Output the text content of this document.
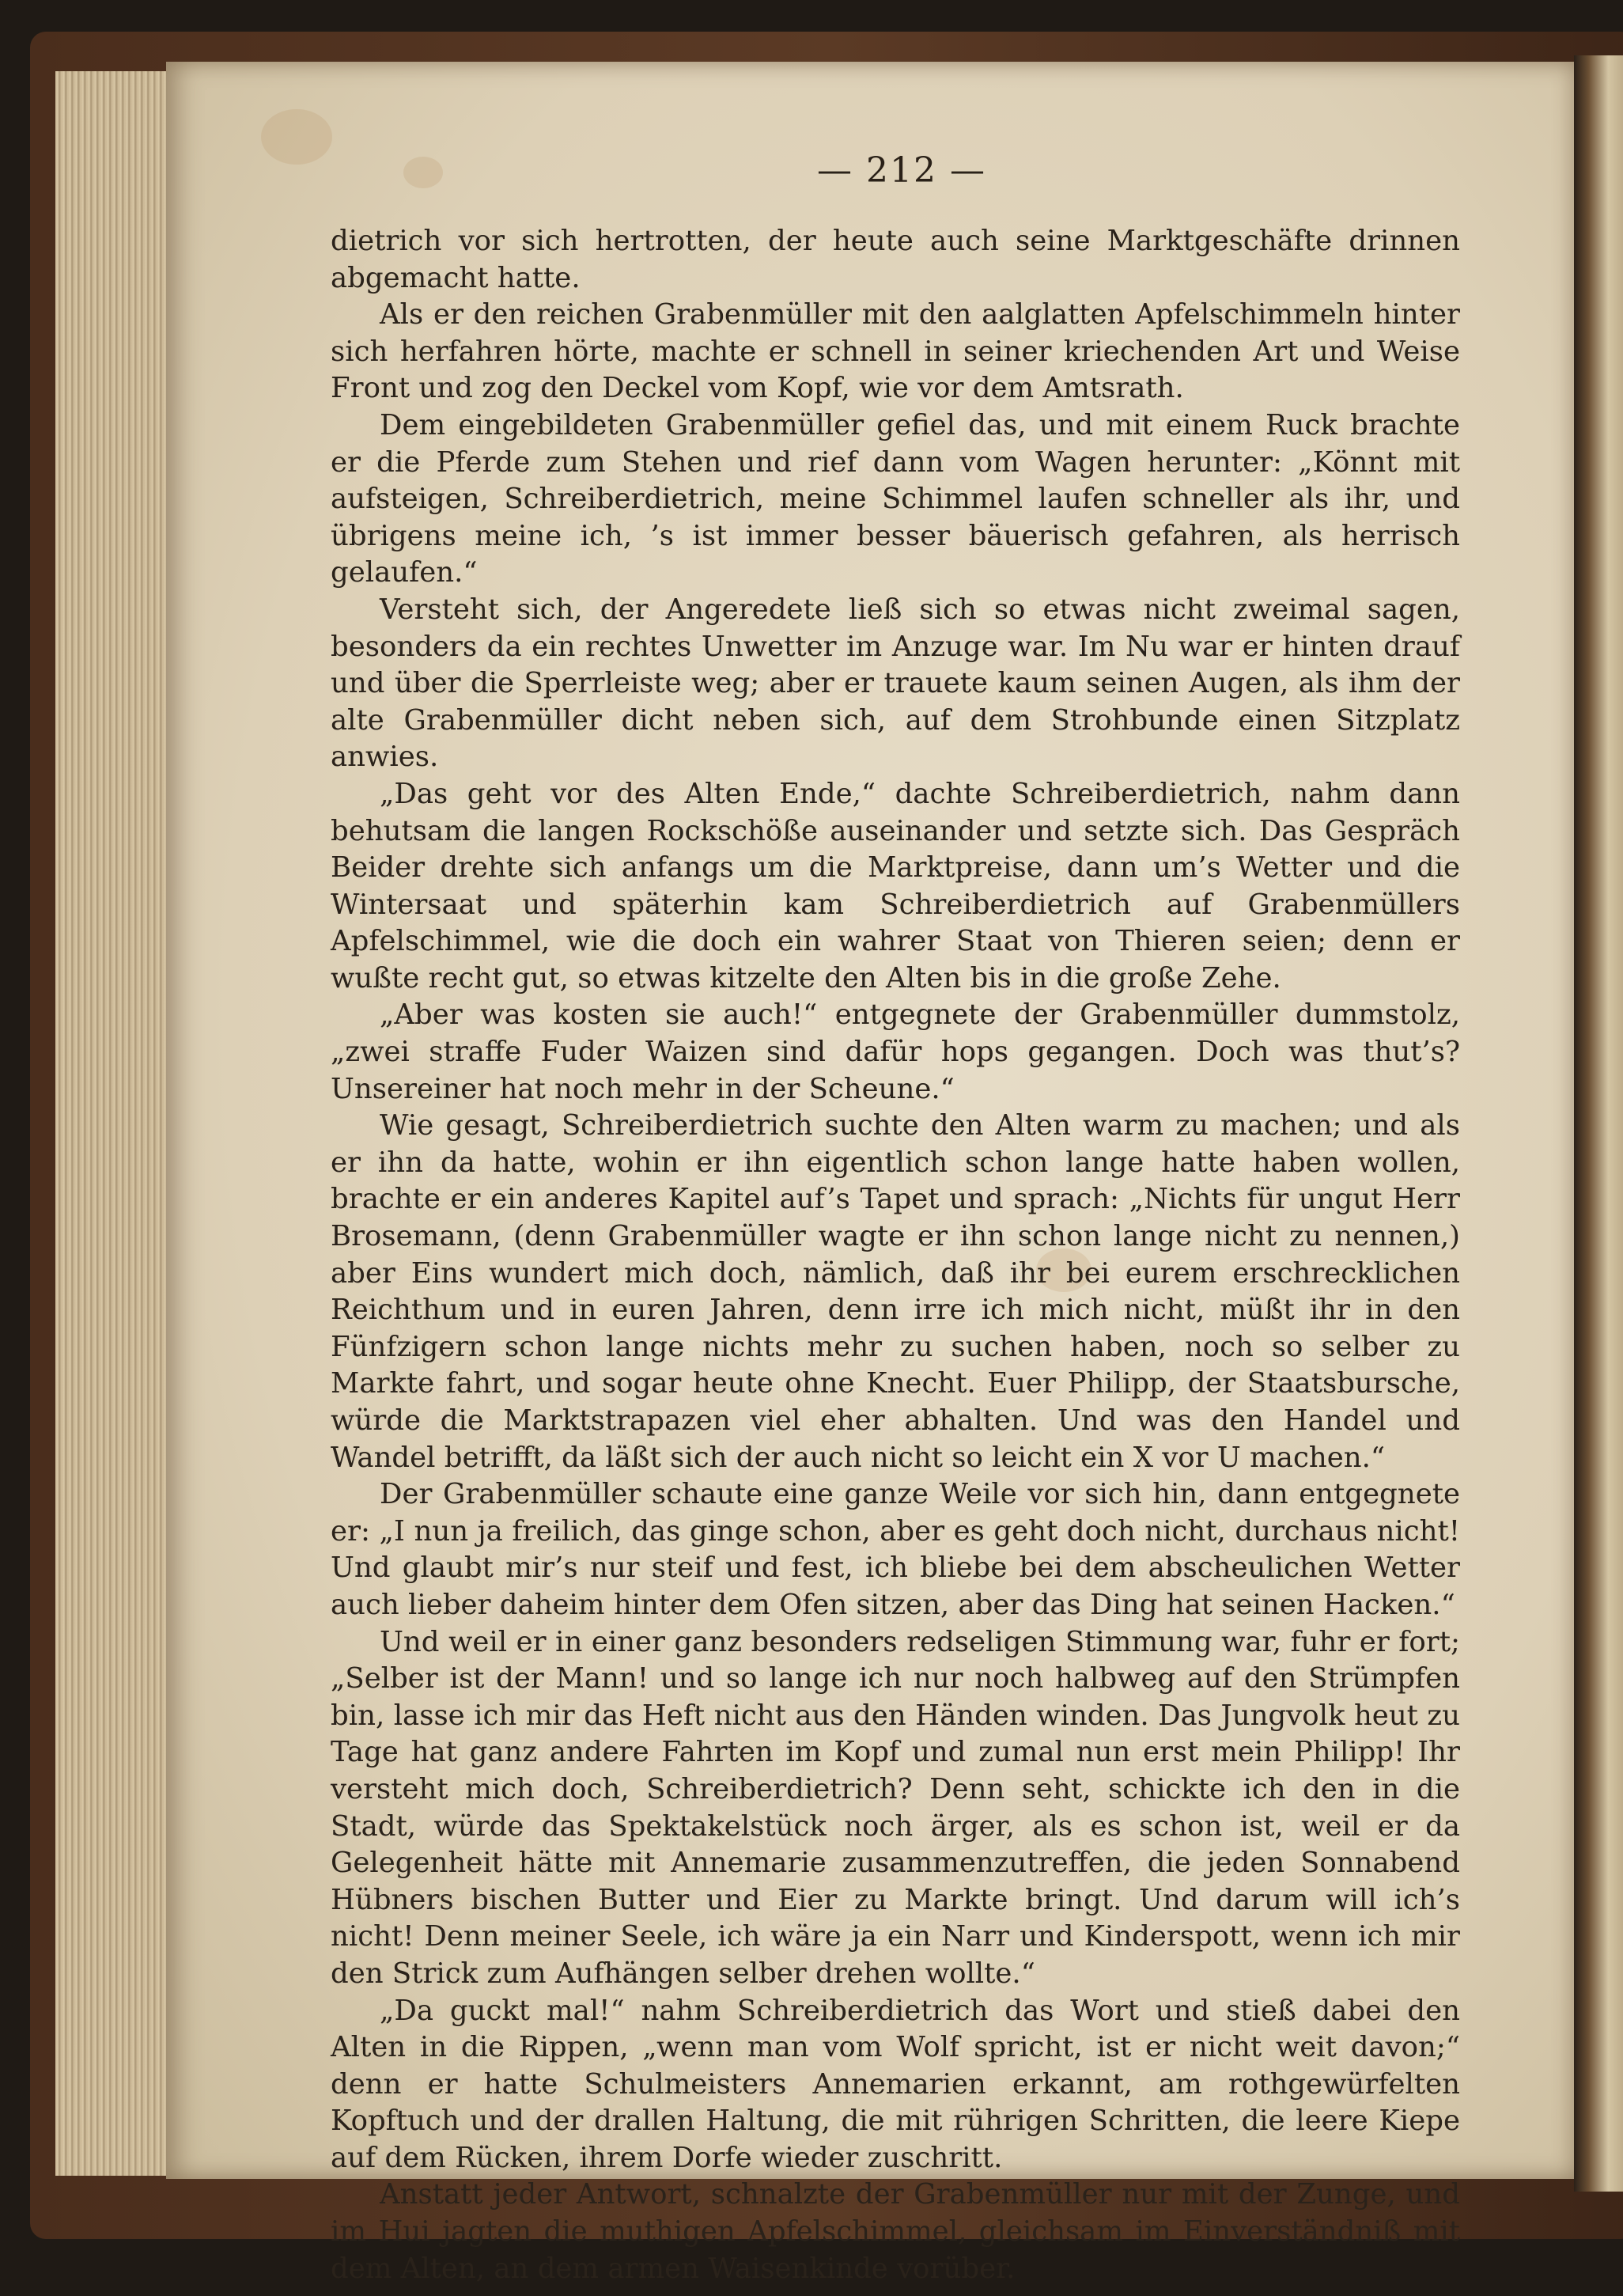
— 212 —

dietrich vor sich hertrotten, der heute auch seine Marktgeschäfte drinnen abgemacht hatte.

Als er den reichen Grabenmüller mit den aalglatten Apfelschimmeln hinter sich herfahren hörte, machte er schnell in seiner kriechenden Art und Weise Front und zog den Deckel vom Kopf, wie vor dem Amtsrath.

Dem eingebildeten Grabenmüller gefiel das, und mit einem Ruck brachte er die Pferde zum Stehen und rief dann vom Wagen herunter: „Könnt mit aufsteigen, Schreiberdietrich, meine Schimmel laufen schneller als ihr, und übrigens meine ich, ’s ist immer besser bäuerisch gefahren, als herrisch gelaufen.“

Versteht sich, der Angeredete ließ sich so etwas nicht zweimal sagen, besonders da ein rechtes Unwetter im Anzuge war. Im Nu war er hinten drauf und über die Sperrleiste weg; aber er trauete kaum seinen Augen, als ihm der alte Grabenmüller dicht neben sich, auf dem Strohbunde einen Sitzplatz anwies.

„Das geht vor des Alten Ende,“ dachte Schreiberdietrich, nahm dann behutsam die langen Rockschöße auseinander und setzte sich. Das Gespräch Beider drehte sich anfangs um die Marktpreise, dann um’s Wetter und die Wintersaat und späterhin kam Schreiberdietrich auf Grabenmüllers Apfelschimmel, wie die doch ein wahrer Staat von Thieren seien; denn er wußte recht gut, so etwas kitzelte den Alten bis in die große Zehe.

„Aber was kosten sie auch!“ entgegnete der Grabenmüller dummstolz, „zwei straffe Fuder Waizen sind dafür hops gegangen. Doch was thut’s? Unsereiner hat noch mehr in der Scheune.“

Wie gesagt, Schreiberdietrich suchte den Alten warm zu machen; und als er ihn da hatte, wohin er ihn eigentlich schon lange hatte haben wollen, brachte er ein anderes Kapitel auf’s Tapet und sprach: „Nichts für ungut Herr Brosemann, (denn Grabenmüller wagte er ihn schon lange nicht zu nennen,) aber Eins wundert mich doch, nämlich, daß ihr bei eurem erschrecklichen Reichthum und in euren Jahren, denn irre ich mich nicht, müßt ihr in den Fünfzigern schon lange nichts mehr zu suchen haben, noch so selber zu Markte fahrt, und sogar heute ohne Knecht. Euer Philipp, der Staatsbursche, würde die Marktstrapazen viel eher abhalten. Und was den Handel und Wandel betrifft, da läßt sich der auch nicht so leicht ein X vor U machen.“

Der Grabenmüller schaute eine ganze Weile vor sich hin, dann entgegnete er: „I nun ja freilich, das ginge schon, aber es geht doch nicht, durchaus nicht! Und glaubt mir’s nur steif und fest, ich bliebe bei dem abscheulichen Wetter auch lieber daheim hinter dem Ofen sitzen, aber das Ding hat seinen Hacken.“

Und weil er in einer ganz besonders redseligen Stimmung war, fuhr er fort; „Selber ist der Mann! und so lange ich nur noch halbweg auf den Strümpfen bin, lasse ich mir das Heft nicht aus den Händen winden. Das Jungvolk heut zu Tage hat ganz andere Fahrten im Kopf und zumal nun erst mein Philipp! Ihr versteht mich doch, Schreiberdietrich? Denn seht, schickte ich den in die Stadt, würde das Spektakelstück noch ärger, als es schon ist, weil er da Gelegenheit hätte mit Annemarie zusammenzutreffen, die jeden Sonnabend Hübners bischen Butter und Eier zu Markte bringt. Und darum will ich’s nicht! Denn meiner Seele, ich wäre ja ein Narr und Kinderspott, wenn ich mir den Strick zum Aufhängen selber drehen wollte.“

„Da guckt mal!“ nahm Schreiberdietrich das Wort und stieß dabei den Alten in die Rippen, „wenn man vom Wolf spricht, ist er nicht weit davon;“ denn er hatte Schulmeisters Annemarien erkannt, am rothgewürfelten Kopftuch und der drallen Haltung, die mit rührigen Schritten, die leere Kiepe auf dem Rücken, ihrem Dorfe wieder zuschritt.

Anstatt jeder Antwort, schnalzte der Grabenmüller nur mit der Zunge, und im Hui jagten die muthigen Apfelschimmel, gleichsam im Einverständniß mit dem Alten, an dem armen Waisenkinde vorüber.
